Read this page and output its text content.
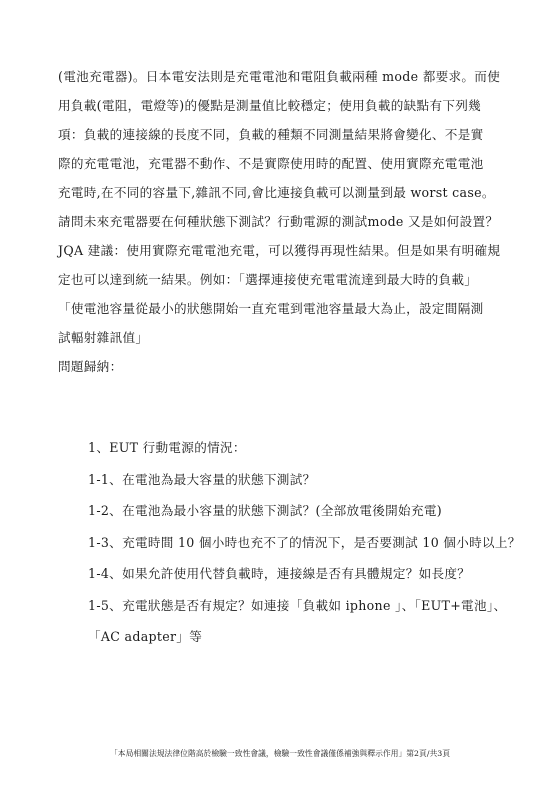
(電池充電器)。日本電安法則是充電電池和電阻負載兩種 mode 都要求。而使
用負載(電阻，電燈等)的優點是測量值比較穩定；使用負載的缺點有下列幾
項：負載的連接線的長度不同，負載的種類不同測量結果將會變化、不是實
際的充電電池，充電器不動作、不是實際使用時的配置、使用實際充電電池
充電時,在不同的容量下,雜訊不同,會比連接負載可以測量到最 worst case。
請問未來充電器要在何種狀態下測試？行動電源的測試mode 又是如何設置？
JQA 建議：使用實際充電電池充電，可以獲得再現性結果。但是如果有明確規
定也可以達到統一結果。例如：「選擇連接使充電電流達到最大時的負載」
「使電池容量從最小的狀態開始一直充電到電池容量最大為止，設定間隔測
試輻射雜訊值」
問題歸納：
1、EUT 行動電源的情況：
1-1、在電池為最大容量的狀態下測試？
1-2、在電池為最小容量的狀態下測試？(全部放電後開始充電)
1-3、充電時間 10 個小時也充不了的情況下，是否要測試 10 個小時以上？
1-4、如果允許使用代替負載時，連接線是否有具體規定？如長度？
1-5、充電狀態是否有規定？如連接「負載如 iphone 」、「EUT+電池」、
「AC adapter」等
「本局相關法規法律位階高於檢驗一致性會議，檢驗一致性會議僅係補強與釋示作用」第2頁/共3頁
